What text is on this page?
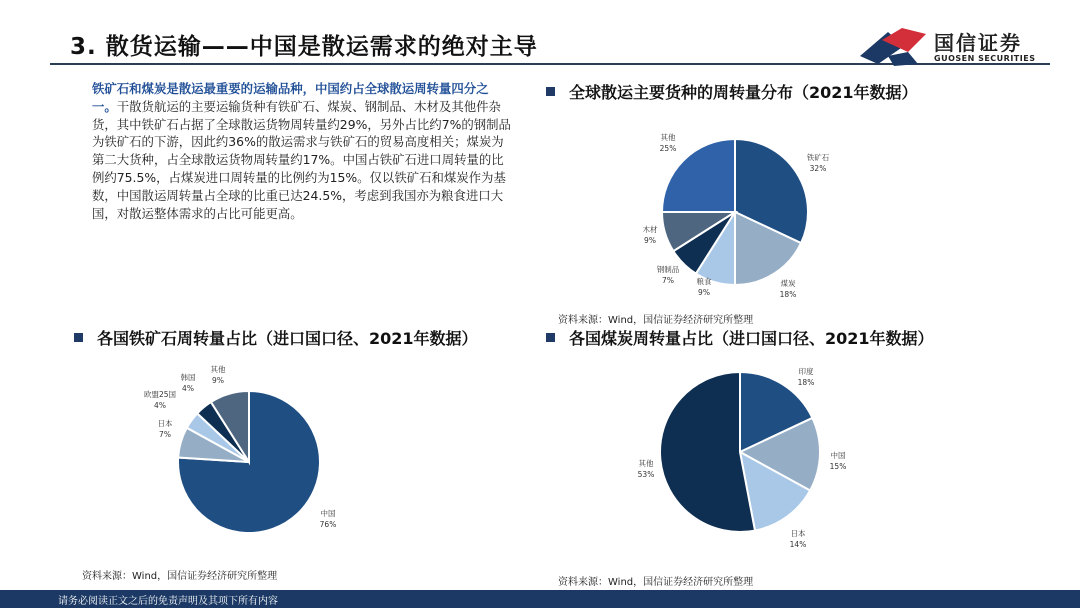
3. 散货运输——中国是散运需求的绝对主导	国信证券
GUOSEN SECURITIES
铁矿石和煤炭是散运最重要的运输品种，中国约占全球散运周转量四分之一。干散货航运的主要运输货种有铁矿石、煤炭、钢制品、木材及其他件杂货，其中铁矿石占据了全球散运货物周转量约29%，另外占比约7%的钢制品为铁矿石的下游，因此约36%的散运需求与铁矿石的贸易高度相关；煤炭为第二大货种，占全球散运货物周转量约17%。中国占铁矿石进口周转量的比例约75.5%，占煤炭进口周转量的比例约为15%。仅以铁矿石和煤炭作为基数，中国散运周转量占全球的比重已达24.5%，考虑到我国亦为粮食进口大国，对散运整体需求的占比可能更高。
全球散运主要货种的周转量分布（2021年数据）
各国铁矿石周转量占比（进口国口径、2021年数据）	各国煤炭周转量占比（进口国口径、2021年数据）
铁矿石
32%
煤炭
18%
粮食
9%
钢制品
7%
木材
9%
其他
25%
中国
76%
日本
7%
欧盟25国
4%
韩国
4%
其他
9%
印度
18%
中国
15%
日本
14%
其他
53%
资料来源：Wind，国信证券经济研究所整理
资料来源：Wind，国信证券经济研究所整理
资料来源：Wind，国信证券经济研究所整理
请务必阅读正文之后的免责声明及其项下所有内容
